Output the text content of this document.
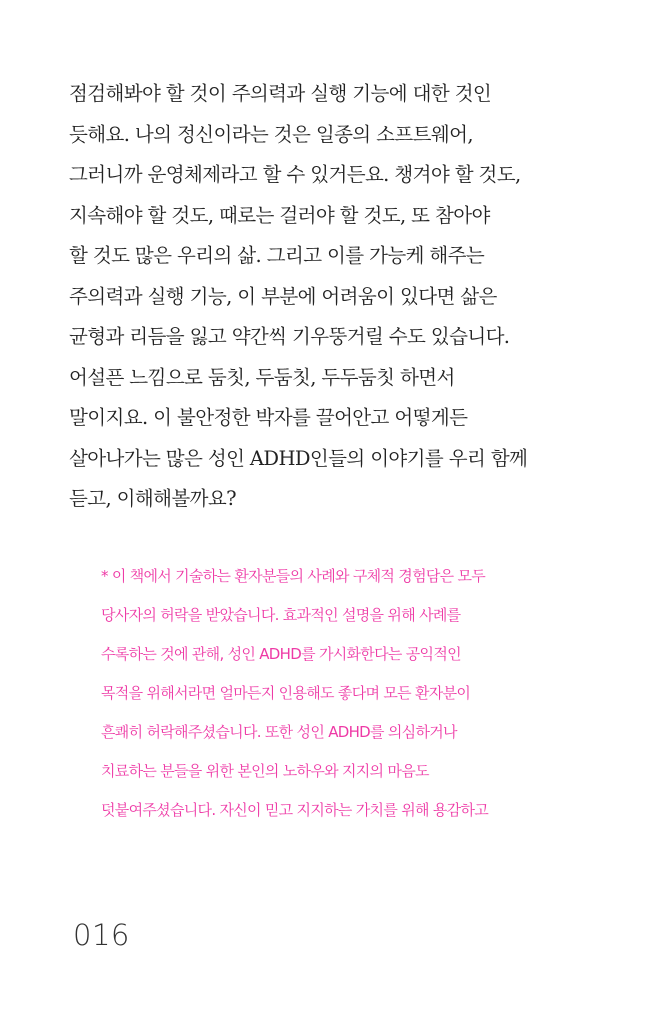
점검해봐야 할 것이 주의력과 실행 기능에 대한 것인
듯해요. 나의 정신이라는 것은 일종의 소프트웨어,
그러니까 운영체제라고 할 수 있거든요. 챙겨야 할 것도,
지속해야 할 것도, 때로는 걸러야 할 것도, 또 참아야
할 것도 많은 우리의 삶. 그리고 이를 가능케 해주는
주의력과 실행 기능, 이 부분에 어려움이 있다면 삶은
균형과 리듬을 잃고 약간씩 기우뚱거릴 수도 있습니다.
어설픈 느낌으로 둠칫, 두둠칫, 두두둠칫 하면서
말이지요. 이 불안정한 박자를 끌어안고 어떻게든
살아나가는 많은 성인 ADHD인들의 이야기를 우리 함께
듣고, 이해해볼까요?
* 이 책에서 기술하는 환자분들의 사례와 구체적 경험담은 모두
당사자의 허락을 받았습니다. 효과적인 설명을 위해 사례를
수록하는 것에 관해, 성인 ADHD를 가시화한다는 공익적인
목적을 위해서라면 얼마든지 인용해도 좋다며 모든 환자분이
흔쾌히 허락해주셨습니다. 또한 성인 ADHD를 의심하거나
치료하는 분들을 위한 본인의 노하우와 지지의 마음도
덧붙여주셨습니다. 자신이 믿고 지지하는 가치를 위해 용감하고
016
